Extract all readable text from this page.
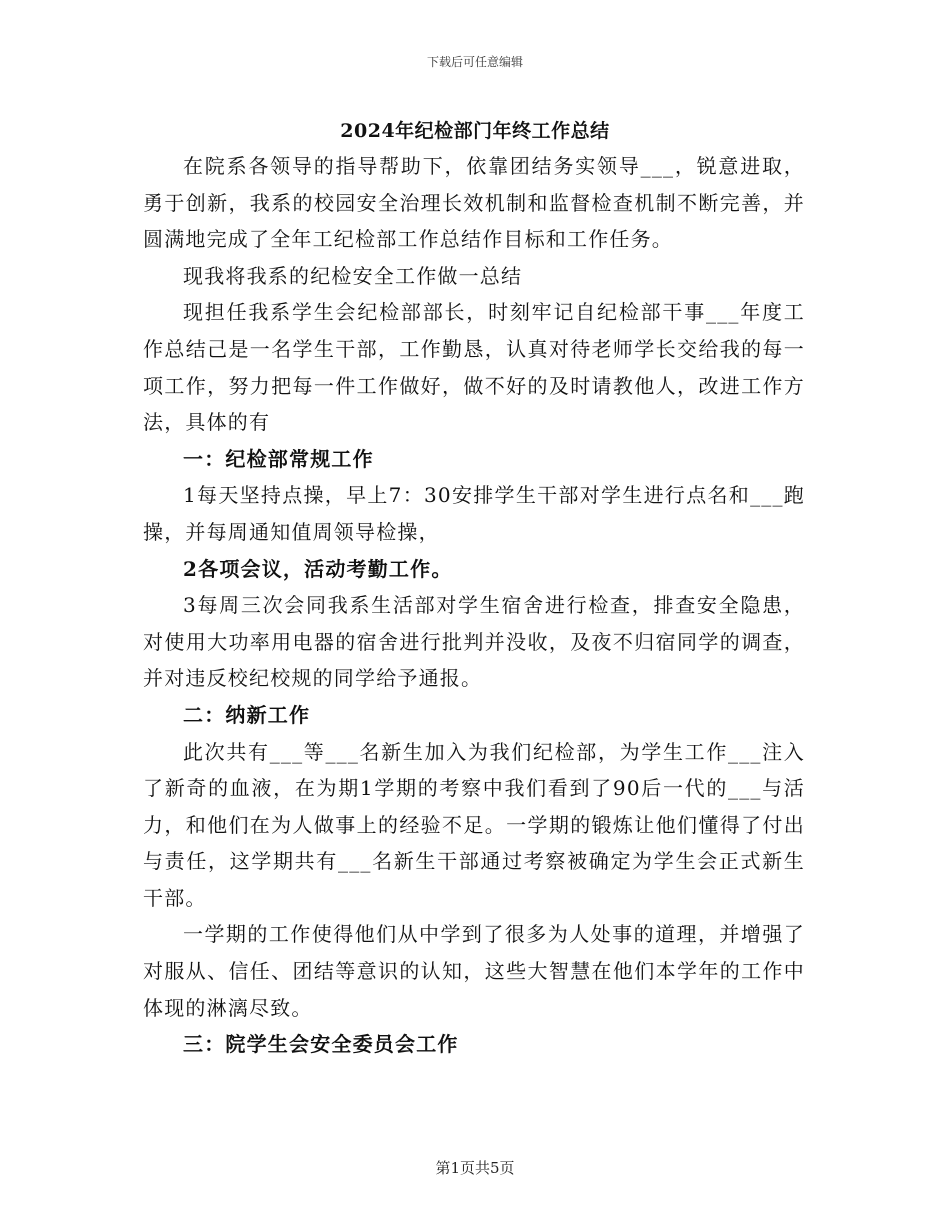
下载后可任意编辑
2024年纪检部门年终工作总结

在院系各领导的指导帮助下，依靠团结务实领导___，锐意进取，勇于创新，我系的校园安全治理长效机制和监督检查机制不断完善，并圆满地完成了全年工纪检部工作总结作目标和工作任务。

现我将我系的纪检安全工作做一总结

现担任我系学生会纪检部部长，时刻牢记自纪检部干事___年度工作总结己是一名学生干部，工作勤恳，认真对待老师学长交给我的每一项工作，努力把每一件工作做好，做不好的及时请教他人，改进工作方法，具体的有

一：纪检部常规工作

1每天坚持点操，早上7：30安排学生干部对学生进行点名和___跑操，并每周通知值周领导检操，

2各项会议，活动考勤工作。

3每周三次会同我系生活部对学生宿舍进行检查，排查安全隐患，对使用大功率用电器的宿舍进行批判并没收，及夜不归宿同学的调查，并对违反校纪校规的同学给予通报。

二：纳新工作

此次共有___等___名新生加入为我们纪检部，为学生工作___注入了新奇的血液，在为期1学期的考察中我们看到了90后一代的___与活力，和他们在为人做事上的经验不足。一学期的锻炼让他们懂得了付出与责任，这学期共有___名新生干部通过考察被确定为学生会正式新生干部。

一学期的工作使得他们从中学到了很多为人处事的道理，并增强了对服从、信任、团结等意识的认知，这些大智慧在他们本学年的工作中体现的淋漓尽致。

三：院学生会安全委员会工作

第1页共5页
